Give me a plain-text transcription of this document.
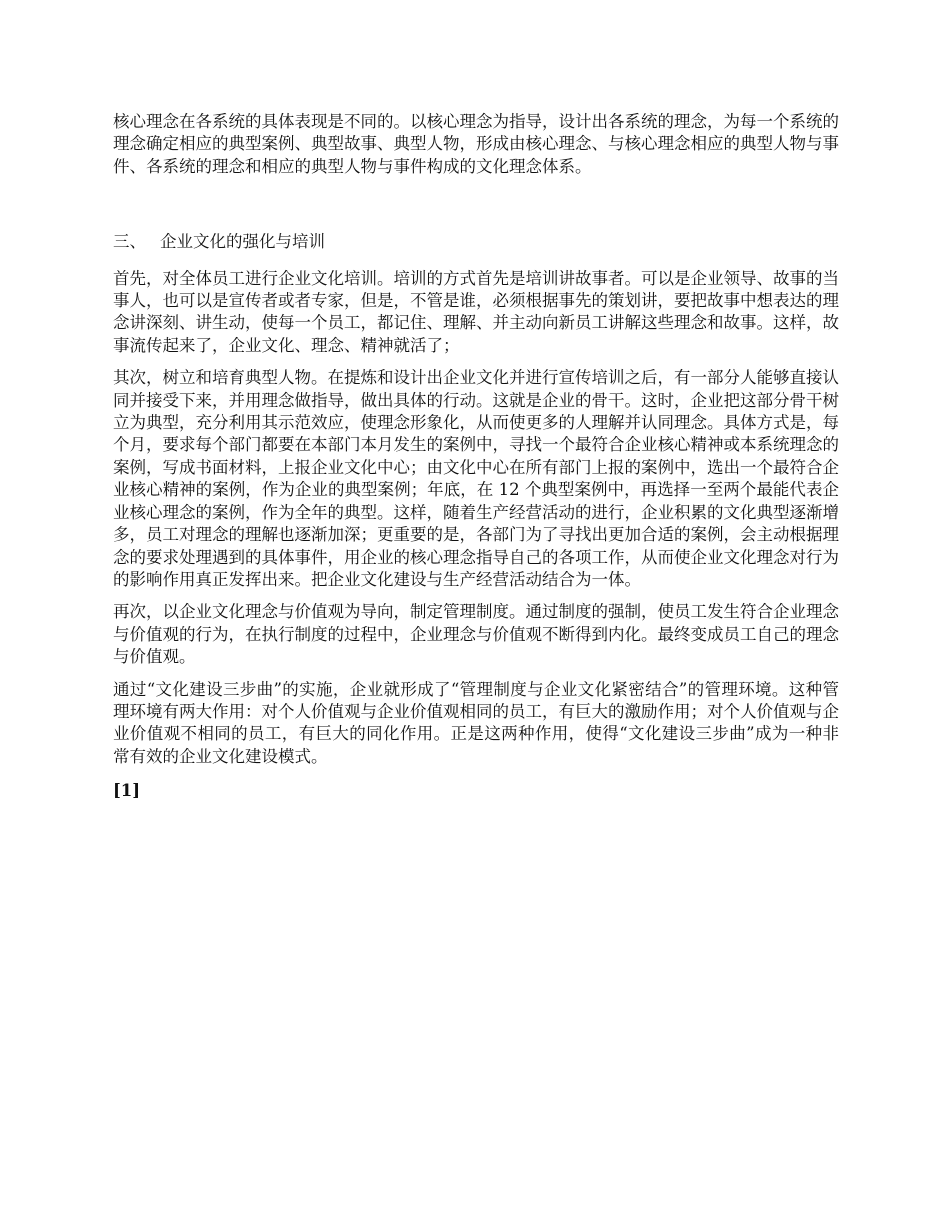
核心理念在各系统的具体表现是不同的。以核心理念为指导，设计出各系统的理念，为每一个系统的理念确定相应的典型案例、典型故事、典型人物，形成由核心理念、与核心理念相应的典型人物与事件、各系统的理念和相应的典型人物与事件构成的文化理念体系。

三、 企业文化的强化与培训

首先，对全体员工进行企业文化培训。培训的方式首先是培训讲故事者。可以是企业领导、故事的当事人，也可以是宣传者或者专家，但是，不管是谁，必须根据事先的策划讲，要把故事中想表达的理念讲深刻、讲生动，使每一个员工，都记住、理解、并主动向新员工讲解这些理念和故事。这样，故事流传起来了，企业文化、理念、精神就活了；

其次，树立和培育典型人物。在提炼和设计出企业文化并进行宣传培训之后，有一部分人能够直接认同并接受下来，并用理念做指导，做出具体的行动。这就是企业的骨干。这时，企业把这部分骨干树立为典型，充分利用其示范效应，使理念形象化，从而使更多的人理解并认同理念。具体方式是，每个月，要求每个部门都要在本部门本月发生的案例中，寻找一个最符合企业核心精神或本系统理念的案例，写成书面材料，上报企业文化中心；由文化中心在所有部门上报的案例中，选出一个最符合企业核心精神的案例，作为企业的典型案例；年底，在 12 个典型案例中，再选择一至两个最能代表企业核心理念的案例，作为全年的典型。这样，随着生产经营活动的进行，企业积累的文化典型逐渐增多，员工对理念的理解也逐渐加深；更重要的是，各部门为了寻找出更加合适的案例，会主动根据理念的要求处理遇到的具体事件，用企业的核心理念指导自己的各项工作，从而使企业文化理念对行为的影响作用真正发挥出来。把企业文化建设与生产经营活动结合为一体。

再次，以企业文化理念与价值观为导向，制定管理制度。通过制度的强制，使员工发生符合企业理念与价值观的行为，在执行制度的过程中，企业理念与价值观不断得到内化。最终变成员工自己的理念与价值观。

通过“文化建设三步曲”的实施，企业就形成了“管理制度与企业文化紧密结合”的管理环境。这种管理环境有两大作用：对个人价值观与企业价值观相同的员工，有巨大的激励作用；对个人价值观与企业价值观不相同的员工，有巨大的同化作用。正是这两种作用，使得“文化建设三步曲”成为一种非常有效的企业文化建设模式。

[1]
